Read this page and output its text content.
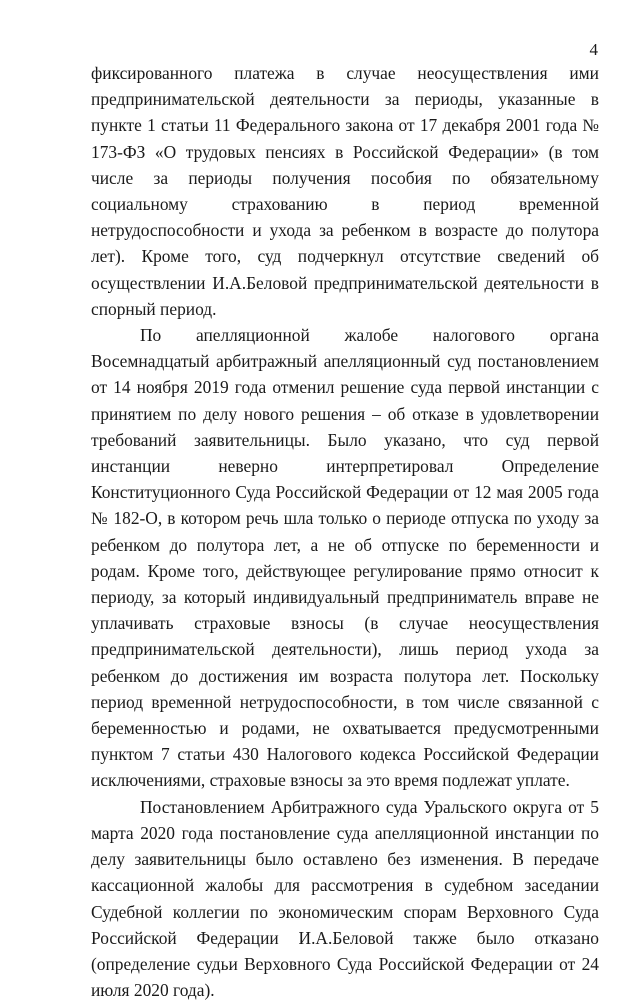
4

фиксированного платежа в случае неосуществления ими предпринимательской деятельности за периоды, указанные в пункте 1 статьи 11 Федерального закона от 17 декабря 2001 года № 173-ФЗ «О трудовых пенсиях в Российской Федерации» (в том числе за периоды получения пособия по обязательному социальному страхованию в период временной нетрудоспособности и ухода за ребенком в возрасте до полутора лет). Кроме того, суд подчеркнул отсутствие сведений об осуществлении И.А.Беловой предпринимательской деятельности в спорный период.

По апелляционной жалобе налогового органа Восемнадцатый арбитражный апелляционный суд постановлением от 14 ноября 2019 года отменил решение суда первой инстанции с принятием по делу нового решения – об отказе в удовлетворении требований заявительницы. Было указано, что суд первой инстанции неверно интерпретировал Определение Конституционного Суда Российской Федерации от 12 мая 2005 года № 182-О, в котором речь шла только о периоде отпуска по уходу за ребенком до полутора лет, а не об отпуске по беременности и родам. Кроме того, действующее регулирование прямо относит к периоду, за который индивидуальный предприниматель вправе не уплачивать страховые взносы (в случае неосуществления предпринимательской деятельности), лишь период ухода за ребенком до достижения им возраста полутора лет. Поскольку период временной нетрудоспособности, в том числе связанной с беременностью и родами, не охватывается предусмотренными пунктом 7 статьи 430 Налогового кодекса Российской Федерации исключениями, страховые взносы за это время подлежат уплате.

Постановлением Арбитражного суда Уральского округа от 5 марта 2020 года постановление суда апелляционной инстанции по делу заявительницы было оставлено без изменения. В передаче кассационной жалобы для рассмотрения в судебном заседании Судебной коллегии по экономическим спорам Верховного Суда Российской Федерации И.А.Беловой также было отказано (определение судьи Верховного Суда Российской Федерации от 24 июля 2020 года).
